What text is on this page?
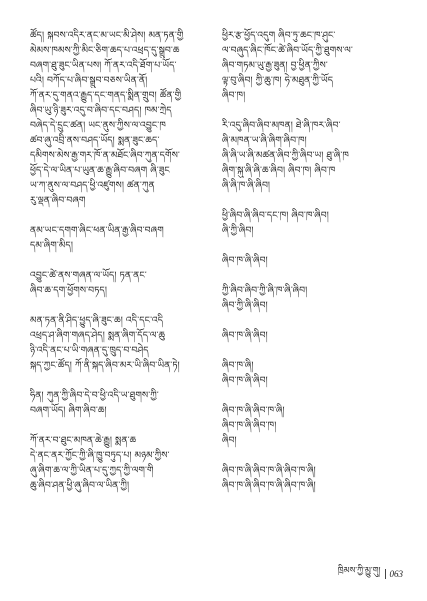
ཚོད། སྐབས་འདིར་ནང་མ་ཡང་མི་ཤེས། མན་ཏན་གྱི
མེམས་ཁམས་ཀྱི་མིང་ཅིག་ཆད་པ་འཕྲད་དུ་སྒྲུབ་ཆ
བཞག་ཐུ་ཟུང་ཡིན་པས། ཀོ་ནར་འདི་ཐོག་པ་ཡོད་
པའི། བཀོད་པ་ཞིབ་སྒྲུབ་བཅས་ཡིན་ནོ།
ཀོ་ནར་དུ་གནའ་རྒྱུད་དང་གནད་སྨིན་གྲུབ། ཚོན་གྱི
ཞིབ་ཡུ་ཉི་ཟུར་འདུ་བ་ཞིབ་དང་བཤད། ཁམ་ཀྲེད
བཞེད་དེ་དྲུང་ཚན། ཡང་ནུས་ཀྱིས་ལ་འབྱུང་ཁ
ཚབ་ཞུ་འབྲི་ནས་བཤད་ཡོད། སྨན་ཟུང་ཆད་
དམིགས་མེས་རྒྱ་གར་ཁོ་ན་མཐོང་ཞིབ་ཀུན་དགོས་
ཕྱོད་དེ་ལ་ཡིན་པ་ཡུན་ཆ་རྒྱུ་ཞིབ་བཞག ཞི་ཟུང
ཡ་ཀ་ནུས་ལ་བཤད་ཕྱི་འཛུགས། ཚན་ཀུན
རུ་ལྡན་ཞིབ་བཞག
ནམ་ཡང་དགག་ཞིང་ཕན་ཡིན་རྒྱ་ཞིབ་བཞག
དམ་ཞིག་མིད།
འབྱུང་ཚེ་ནས་གཞན་ལ་ཡོད། ཏན་ནང་
ཞིབ་ཆ་དག་ཕྱོགས་བཏད།
མན་ཏན་ནི་ཤིད་ཕྱུད་ཞི་ཟུང་ཆ། འདི་དང་འདི
འཕྲད་ཤ་ཞིག་གཞད་ཤེད། སྨན་ཞིག་དོད་ལ་ཆུ
ཉི་འདི་ནང་པ་ཡི་གཞན་དུ་ཁྲུད་བ་བཤེད
སྐད་ཀྱང་ཚོད། ཀོ་ནི་སྐད་ཞིབ་མར་ཡི་ཞིབ་ཡིན་ཏེ།
ཧིན། ཀུན་ཀྱི་ཞིབ་དེ་བ་ཕྱི་འདི་ཡ་ཐུགས་ཀྱི་
བཞག་ཡོད། ཞིག་ཞིབ་ཆ།
ཀོ་ནར་བ་ཐུང་མཁན་ཆེ་རྒྱུ། སྨན་ཆ
དེ་ནང་ནར་ཀྱོང་ཀྱི་ཞི་ཁྱུ་བཏུད་པ། མཉམ་ཀྱིས་
ཞུ་ཞིག་ཆ་ལ་ཀྱི་ཡིན་པ་དུ་ཀྱད་ཀྱི་ལག་གི
ཆུ་ཞིབ་ཤན་ཕྱི་ཞུ་ཞིབ་ལ་ཡིན་ཀྱི།
ཕྱིར་རྩ་ཕྱོད་འདུག ཞིབ་ཏུ་ཆང་ཁ་ཤུང་
ལ་བཞུད་ཞིང་ཁོང་ཚེ་ཞིབ་ཡོད་ཀྱི་ཐུགས་ལ་
ཞིབ་གཏམ་ཡུ་རྒྱ་ཟུན། བྱ་ཕྱིན་ཀྱིས་
ལྟ་བུ་ཞིབ། ཀྱི་ཆུ་ཁ། ཧེ་མཐུན་ཀྱི་ཡོད
ཞིབ་ཁ།
རི་འདུ་ཞིབ་ཞིབ་མཁན། ཐེ་ཞི་ཁར་ཞིབ་
ཞི་མཁན་ཡ་ཞི་ཞིག་ཞིབ་ཁ།
ཞི་ཞི་ཡ་ཞི་མཚན་ཞིབ་ཀྱི་ཞིབ་ཡ། ཐུ་ཞི་ཁ
ཞིག་སྐུ་ཞི་ཞི་ཆ་ཞིབ། ཞིབ་ཁ། ཞིབ་ཁ
ཞི་ཞི་ཁ་ཞི་ཞིབ།
ཕྱི་ཞིབ་ཞི་ཞིབ་དང་ཁ། ཞིབ་ཁ་ཞིབ།
ཞི་ཀྱི་ཞིབ།
ཞིབ་ཁ་ཞི་ཞིབ།
ཀྱི་ཞིབ་ཞིབ་ཀྱི་ཞི་ཁ་ཞི་ཞིབ།
ཞིབ་ཀྱི་ཞི་ཞིབ།
ཞིབ་ཁ་ཞི་ཞིབ།
ཞིབ་ཁ་ཞི།
ཞིབ་ཁ་ཞི་ཞིབ།
ཞིབ་ཁ་ཞི་ཞིབ་ཁ་ཞི།
ཞིབ་ཁ་ཞི་ཞིབ་ཁ།
ཞིབ།
ཞིབ་ཁ་ཞི་ཞིབ་ཁ་ཞི་ཞིབ་ཁ་ཞི།
ཞིབ་ཁ་ཞི་ཞིབ་ཁ་ཞི་ཞིབ་ཁ་ཞི།
ཁྲིམས་ཀྱི་མྱུ་གུ། 063
